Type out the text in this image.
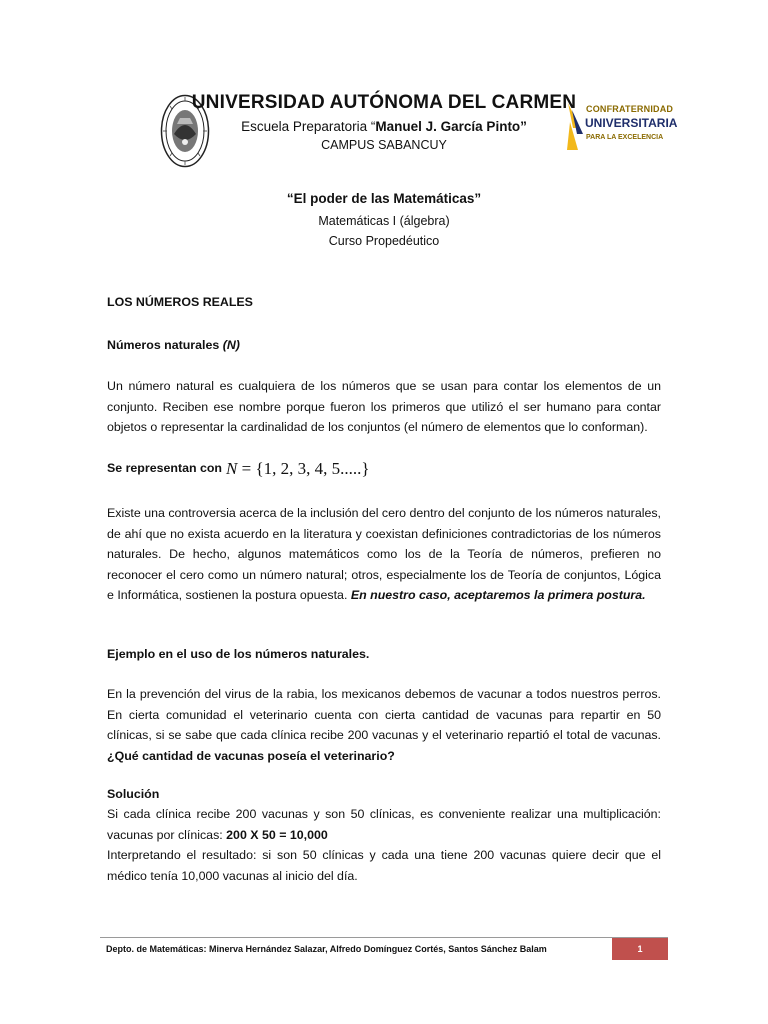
CONFRATERNIDAD
UNIVERSITARIA
PARA LA EXCELENCIA
UNIVERSIDAD AUTÓNOMA DEL CARMEN
Escuela Preparatoria “Manuel J. García Pinto”
CAMPUS SABANCUY
“El poder de las Matemáticas”
Matemáticas I (álgebra)
Curso Propedéutico
LOS NÚMEROS REALES
Números naturales (N)
Un número natural es cualquiera de los números que se usan para contar los elementos de un conjunto. Reciben ese nombre porque fueron los primeros que utilizó el ser humano para contar objetos o representar la cardinalidad de los conjuntos (el número de elementos que lo conforman).
Se representan con N = {1, 2, 3, 4, 5.....}
Existe una controversia acerca de la inclusión del cero dentro del conjunto de los números naturales, de ahí que no exista acuerdo en la literatura y coexistan definiciones contradictorias de los números naturales. De hecho, algunos matemáticos como los de la Teoría de números, prefieren no reconocer el cero como un número natural; otros, especialmente los de Teoría de conjuntos, Lógica e Informática, sostienen la postura opuesta. En nuestro caso, aceptaremos la primera postura.
Ejemplo en el uso de los números naturales.
En la prevención del virus de la rabia, los mexicanos debemos de vacunar a todos nuestros perros. En cierta comunidad el veterinario cuenta con cierta cantidad de vacunas para repartir en 50 clínicas, si se sabe que cada clínica recibe 200 vacunas y el veterinario repartió el total de vacunas. ¿Qué cantidad de vacunas poseía el veterinario?
Solución
Si cada clínica recibe 200 vacunas y son 50 clínicas, es conveniente realizar una multiplicación: vacunas por clínicas: 200 X 50 = 10,000
Interpretando el resultado: si son 50 clínicas y cada una tiene 200 vacunas quiere decir que el médico tenía 10,000 vacunas al inicio del día.
Depto. de Matemáticas: Minerva Hernández Salazar, Alfredo Domínguez Cortés, Santos Sánchez Balam	1
